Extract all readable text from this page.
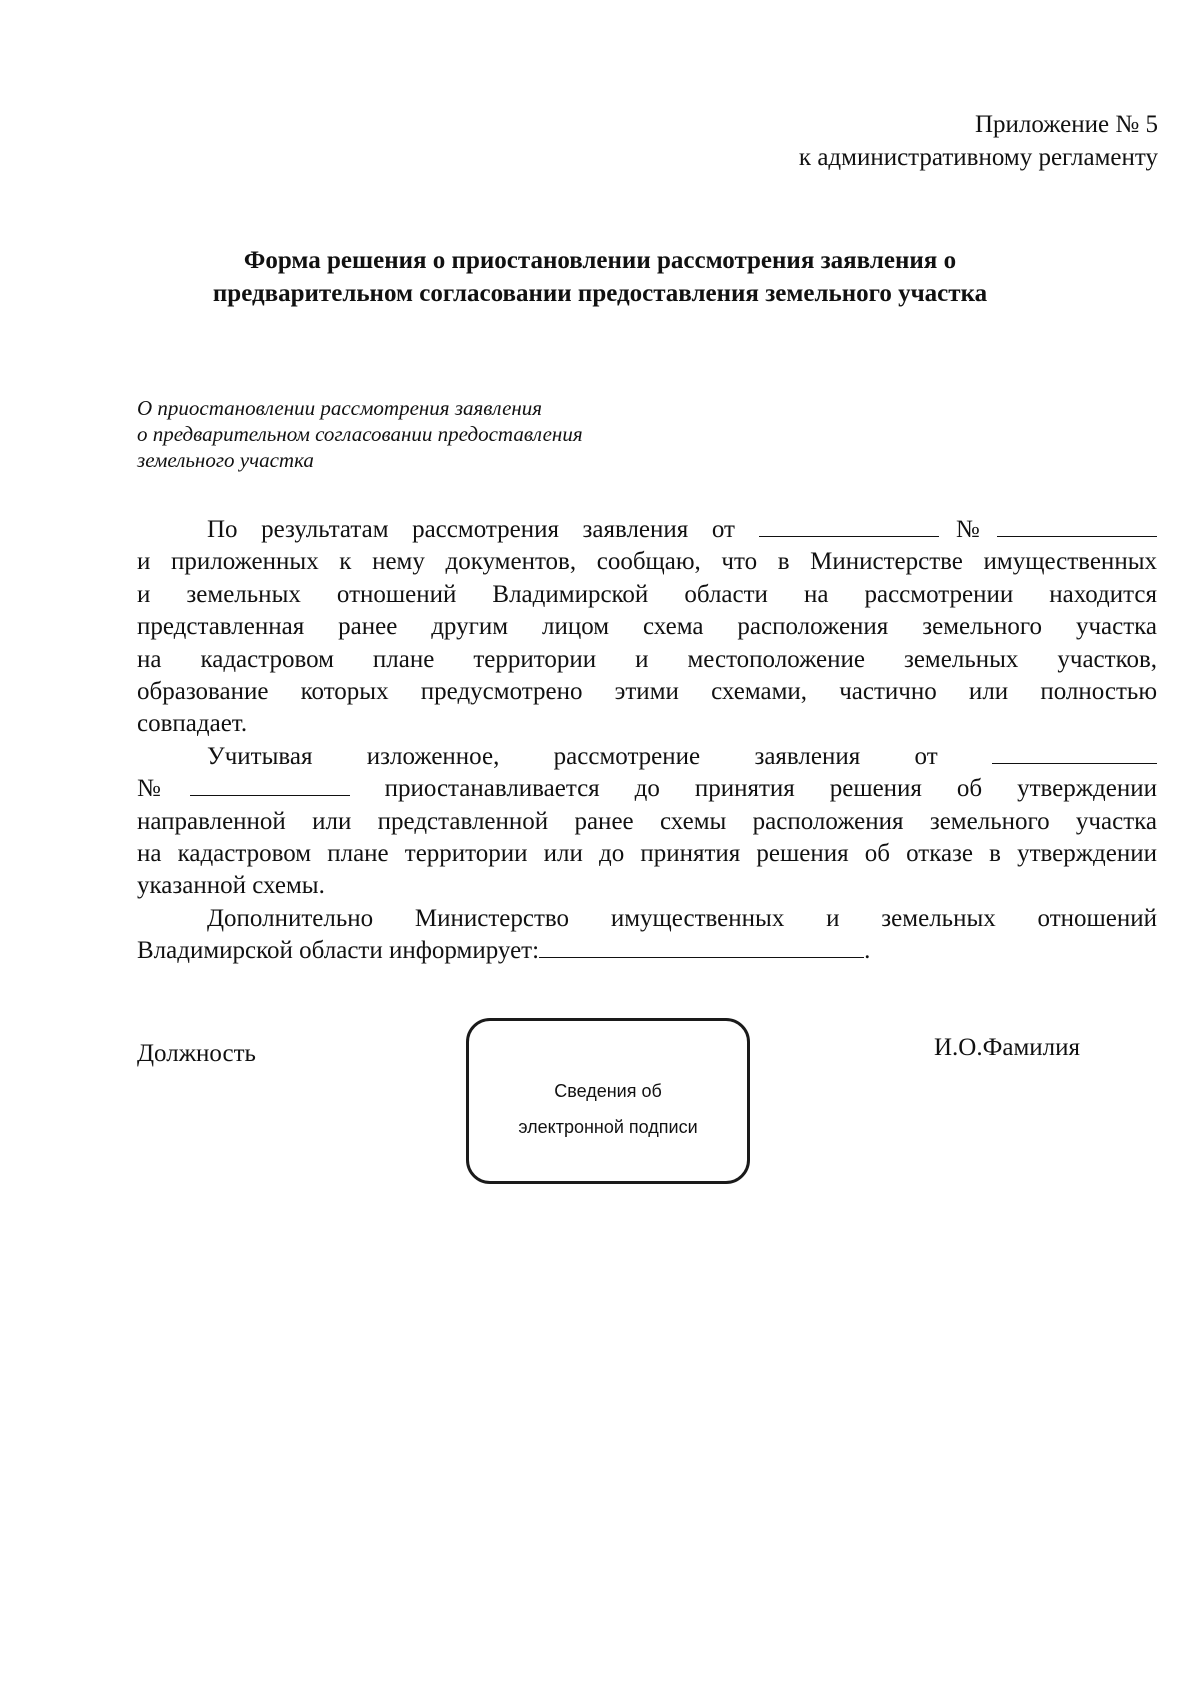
Приложение № 5
к административному регламенту
Форма решения о приостановлении рассмотрения заявления о
предварительном согласовании предоставления земельного участка
О приостановлении рассмотрения заявления
о предварительном согласовании предоставления
земельного участка
По результатам рассмотрения заявления от	№
и приложенных к нему документов, сообщаю, что в Министерстве имущественных
и земельных отношений Владимирской области на рассмотрении находится
представленная ранее другим лицом схема расположения земельного участка
на кадастровом плане территории и местоположение земельных участков,
образование которых предусмотрено этими схемами, частично или полностью
совпадает.
Учитывая изложенное, рассмотрение заявления от
№	приостанавливается до принятия решения об утверждении
направленной или представленной ранее схемы расположения земельного участка
на кадастровом плане территории или до принятия решения об отказе в утверждении
указанной схемы.
Дополнительно Министерство имущественных и земельных отношений
Владимирской области информирует:	.
Должность
Сведения об
электронной подписи
И.О.Фамилия
